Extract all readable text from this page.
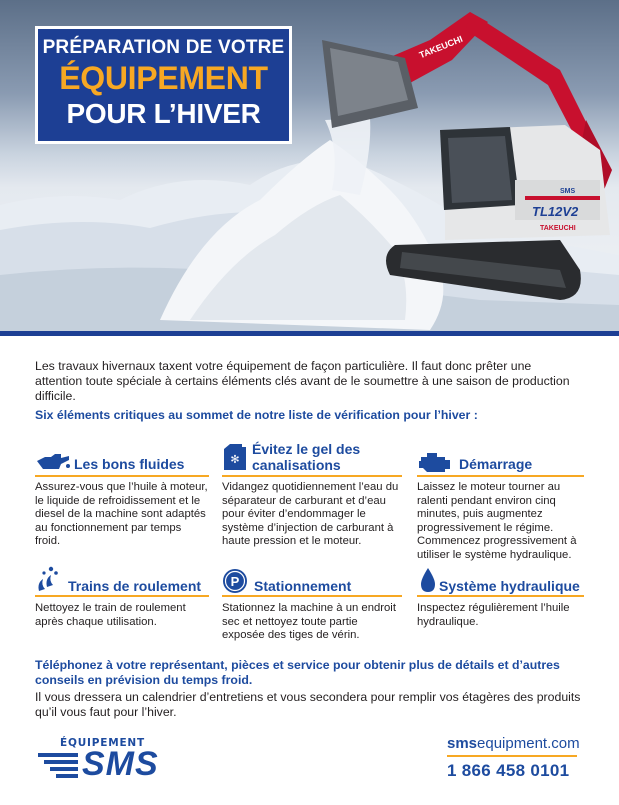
TAKEUCHI
TL12V2
SMS
TAKEUCHI
PRÉPARATION DE VOTRE
ÉQUIPEMENT
POUR L’HIVER

Les travaux hivernaux taxent votre équipement de façon particulière. Il faut donc prêter une attention toute spéciale à certains éléments clés avant de le soumettre à une saison de production difficile.

Six éléments critiques au sommet de notre liste de vérification pour l’hiver :

Les bons fluides

Assurez-vous que l’huile à moteur, le liquide de refroidissement et le diesel de la machine sont adaptés au fonctionnement par temps froid.

✻
Évitez le gel des canalisations

Vidangez quotidiennement l’eau du séparateur de carburant et d’eau pour éviter d’endommager le système d’injection de carburant à haute pression et le moteur.

Démarrage

Laissez le moteur tourner au ralenti pendant environ cinq minutes, puis augmentez progressivement le régime. Commencez progressivement à utiliser le système hydraulique.

Trains de roulement

Nettoyez le train de roulement après chaque utilisation.

P Stationnement

Stationnez la machine à un endroit sec et nettoyez toute partie exposée des tiges de vérin.

Système hydraulique

Inspectez régulièrement l’huile hydraulique.

Téléphonez à votre représentant, pièces et service pour obtenir plus de détails et d’autres conseils en prévision du temps froid.

Il vous dressera un calendrier d’entretiens et vous secondera pour remplir vos étagères des produits qu’il vous faut pour l’hiver.

ÉQUIPEMENT
SMS
smsequipment.com
1 866 458 0101
